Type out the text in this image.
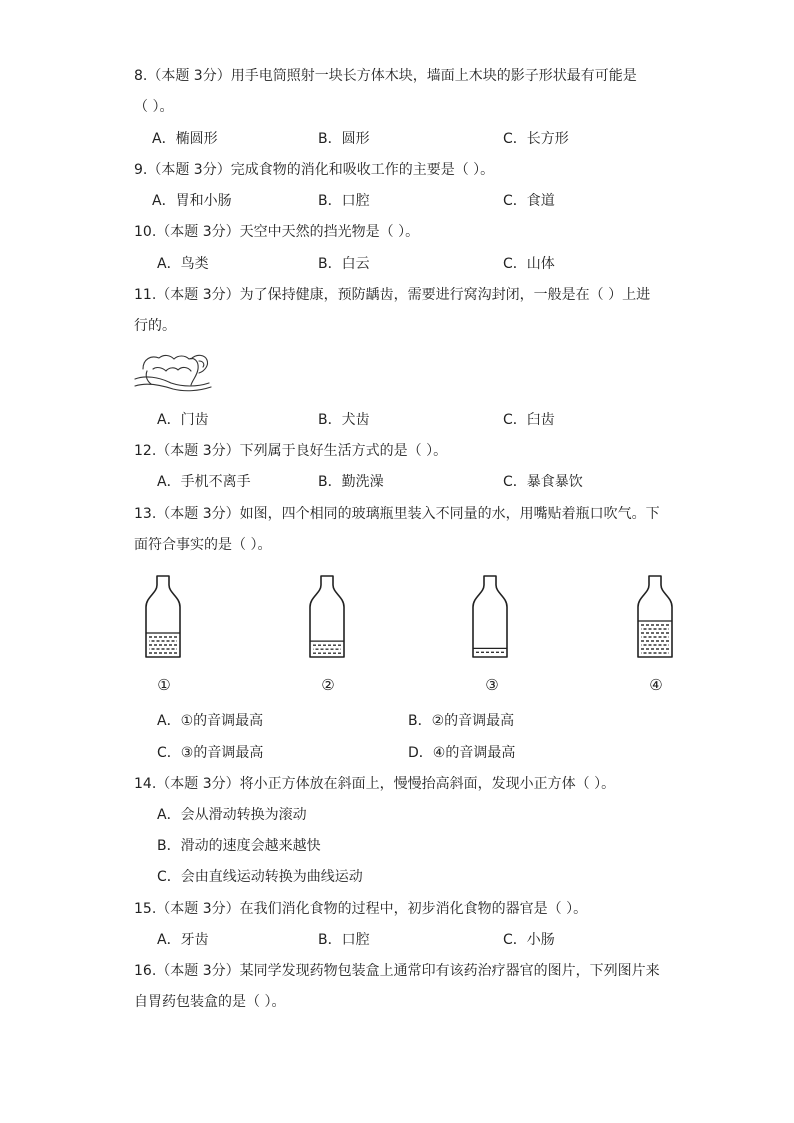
8.（本题 3分）用手电筒照射一块长方体木块，墙面上木块的影子形状最有可能是
（ ）。
A．椭圆形	B．圆形	C．长方形
9.（本题 3分）完成食物的消化和吸收工作的主要是（ ）。
A．胃和小肠	B．口腔	C．食道
10.（本题 3分）天空中天然的挡光物是（ ）。
A．鸟类	B．白云	C．山体
11.（本题 3分）为了保持健康，预防龋齿，需要进行窝沟封闭，一般是在（ ）上进
行的。
A．门齿	B．犬齿	C．臼齿
12.（本题 3分）下列属于良好生活方式的是（ ）。
A．手机不离手	B．勤洗澡	C．暴食暴饮
13.（本题 3分）如图，四个相同的玻璃瓶里装入不同量的水，用嘴贴着瓶口吹气。下
面符合事实的是（ ）。
①	②	③	④
A．①的音调最高	B．②的音调最高
C．③的音调最高	D．④的音调最高
14.（本题 3分）将小正方体放在斜面上，慢慢抬高斜面，发现小正方体（ ）。
A．会从滑动转换为滚动
B．滑动的速度会越来越快
C．会由直线运动转换为曲线运动
15.（本题 3分）在我们消化食物的过程中，初步消化食物的器官是（ ）。
A．牙齿	B．口腔	C．小肠
16.（本题 3分）某同学发现药物包装盒上通常印有该药治疗器官的图片，下列图片来
自胃药包装盒的是（ ）。
